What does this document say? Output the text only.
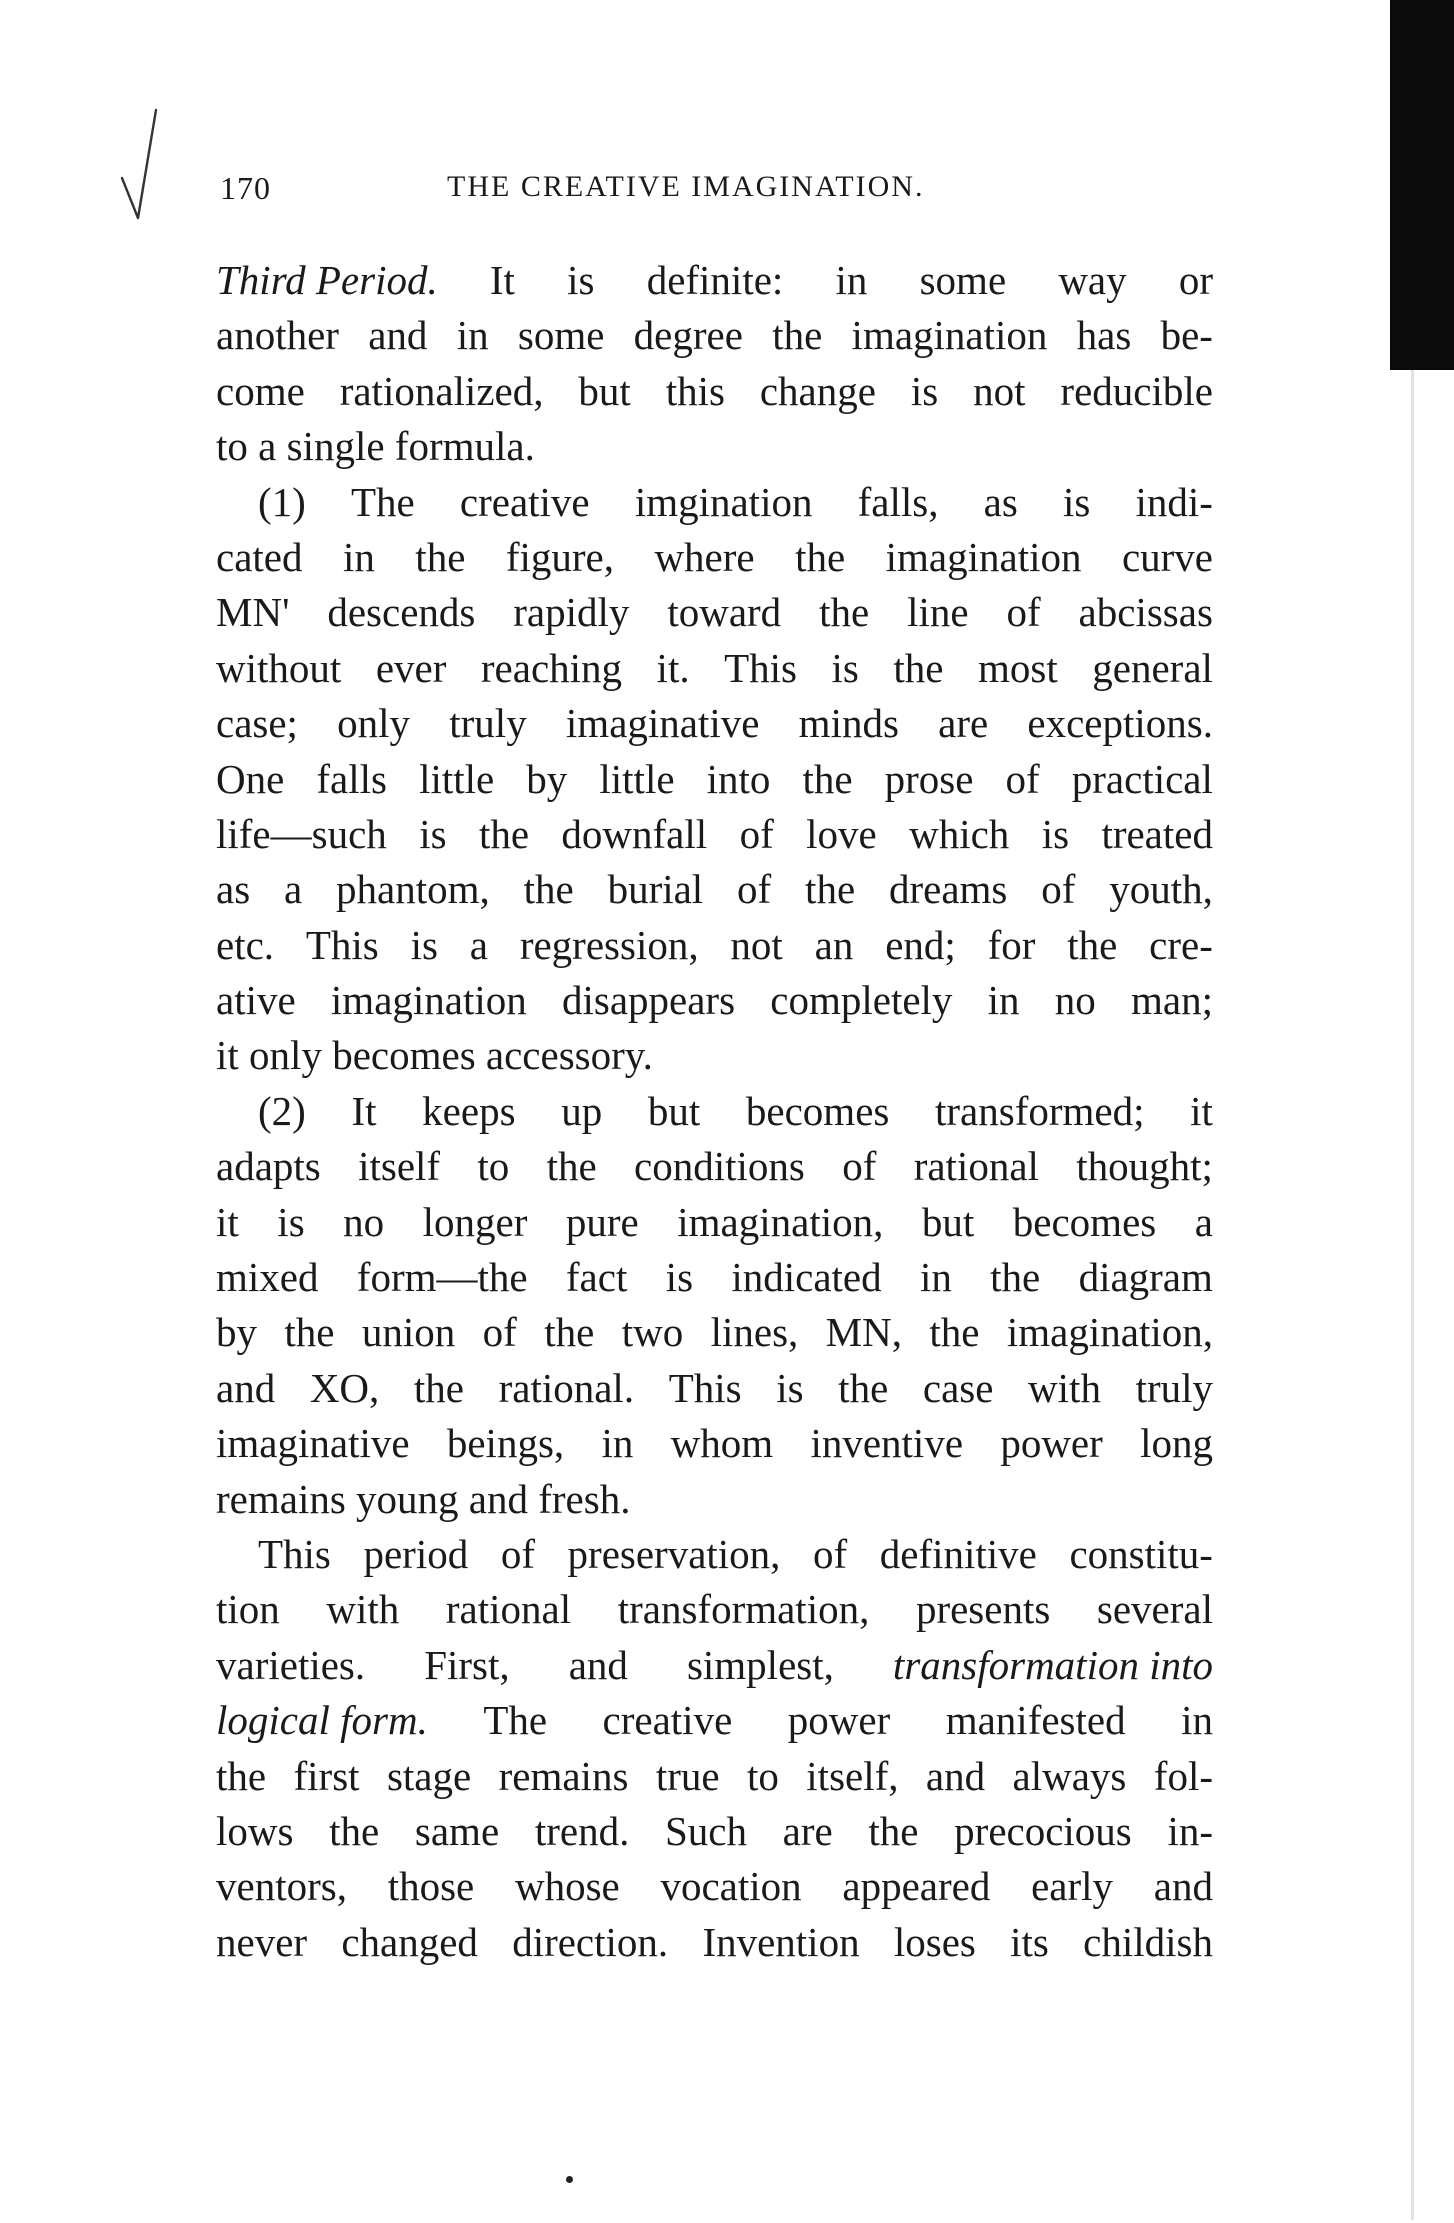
170	THE CREATIVE IMAGINATION.
Third Period. It is definite: in some way or
another and in some degree the imagination has be-
come rationalized, but this change is not reducible
to
a
single
formula.
(1) The creative imgination falls, as is indi-
cated in the figure, where the imagination curve
MN' descends rapidly toward the line of abcissas
without ever reaching it. This is the most general
case; only truly imaginative minds are exceptions.
One falls little by little into the prose of practical
life—such is the downfall of love which is treated
as a phantom, the burial of the dreams of youth,
etc. This is a regression, not an end; for the cre-
ative imagination disappears completely in no man;
it
only
becomes
accessory.
(2) It keeps up but becomes transformed; it
adapts itself to the conditions of rational thought;
it is no longer pure imagination, but becomes a
mixed form—the fact is indicated in the diagram
by the union of the two lines, MN, the imagination,
and XO, the rational. This is the case with truly
imaginative beings, in whom inventive power long
remains
young
and
fresh.
This period of preservation, of definitive constitu-
tion with rational transformation, presents several
varieties. First, and simplest, transformation into
logical form. The creative power manifested in
the first stage remains true to itself, and always fol-
lows the same trend. Such are the precocious in-
ventors, those whose vocation appeared early and
never changed direction. Invention loses its childish
